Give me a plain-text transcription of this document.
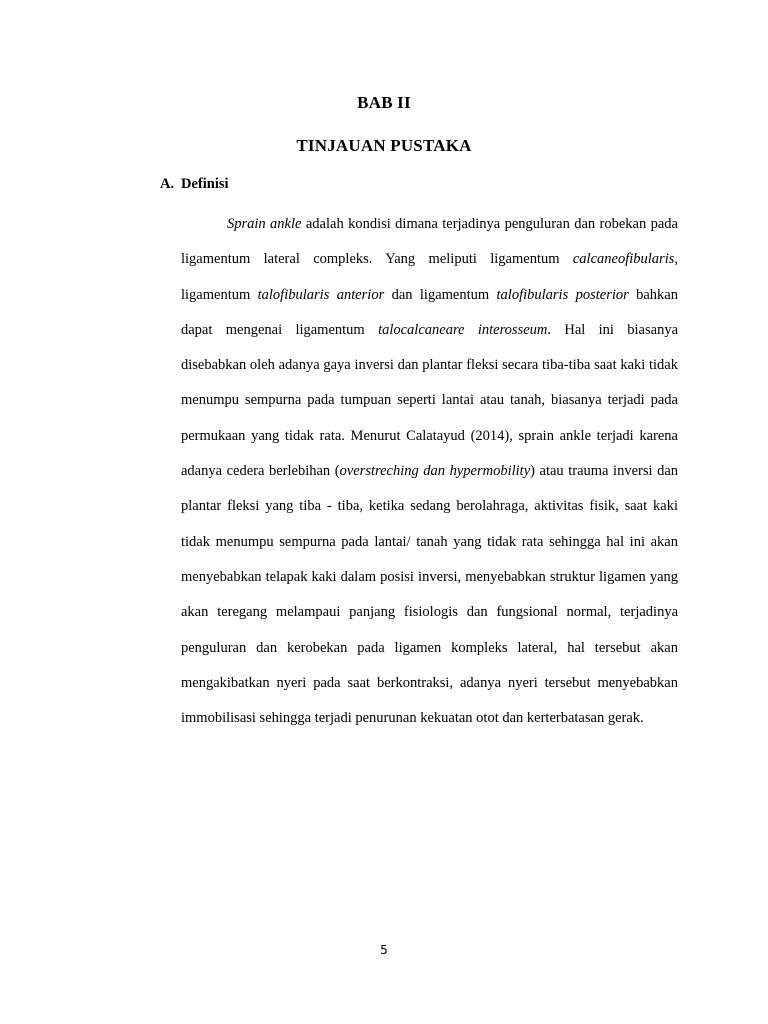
BAB II
TINJAUAN PUSTAKA
A. Definisi

Sprain ankle adalah kondisi dimana terjadinya penguluran dan robekan pada ligamentum lateral compleks. Yang meliputi ligamentum calcaneofibularis, ligamentum talofibularis anterior dan ligamentum talofibularis posterior bahkan dapat mengenai ligamentum talocalcaneare interosseum. Hal ini biasanya disebabkan oleh adanya gaya inversi dan plantar fleksi secara tiba-tiba saat kaki tidak menumpu sempurna pada tumpuan seperti lantai atau tanah, biasanya terjadi pada permukaan yang tidak rata. Menurut Calatayud (2014), sprain ankle terjadi karena adanya cedera berlebihan (overstreching dan hypermobility) atau trauma inversi dan plantar fleksi yang tiba - tiba, ketika sedang berolahraga, aktivitas fisik, saat kaki tidak menumpu sempurna pada lantai/ tanah yang tidak rata sehingga hal ini akan menyebabkan telapak kaki dalam posisi inversi, menyebabkan struktur ligamen yang akan teregang melampaui panjang fisiologis dan fungsional normal, terjadinya penguluran dan kerobekan pada ligamen kompleks lateral, hal tersebut akan mengakibatkan nyeri pada saat berkontraksi, adanya nyeri tersebut menyebabkan immobilisasi sehingga terjadi penurunan kekuatan otot dan kerterbatasan gerak.

5
